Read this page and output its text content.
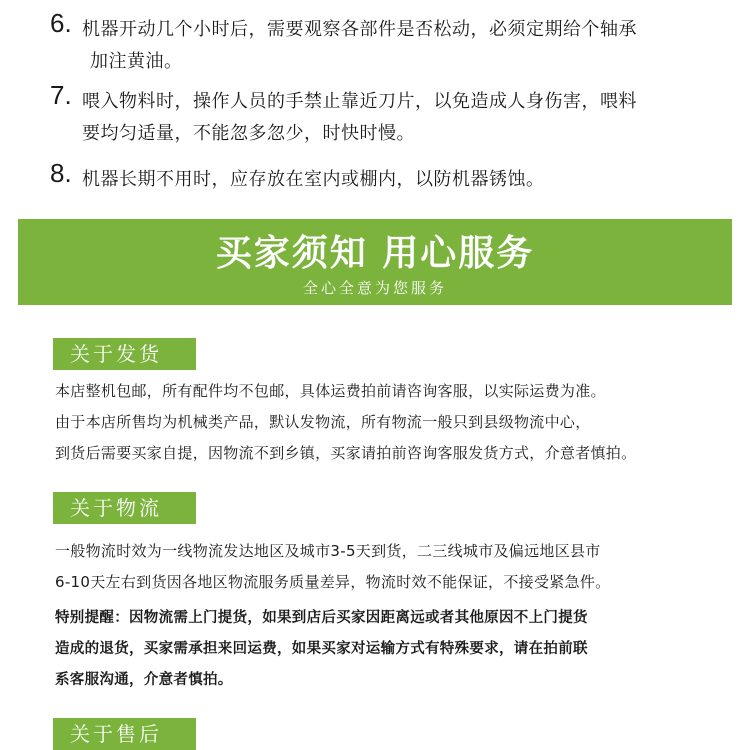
6. 机器开动几个小时后，需要观察各部件是否松动，必须定期给个轴承
加注黄油。
7. 喂入物料时，操作人员的手禁止靠近刀片，以免造成人身伤害，喂料
要均匀适量，不能忽多忽少，时快时慢。
8. 机器长期不用时，应存放在室内或棚内，以防机器锈蚀。
买家须知 用心服务
全心全意为您服务
关于发货
本店整机包邮，所有配件均不包邮，具体运费拍前请咨询客服，以实际运费为准。
由于本店所售均为机械类产品，默认发物流，所有物流一般只到县级物流中心，
到货后需要买家自提，因物流不到乡镇，买家请拍前咨询客服发货方式，介意者慎拍。
关于物流
一般物流时效为一线物流发达地区及城市3-5天到货，二三线城市及偏远地区县市
6-10天左右到货因各地区物流服务质量差异，物流时效不能保证，不接受紧急件。
特别提醒：因物流需上门提货，如果到店后买家因距离远或者其他原因不上门提货
造成的退货，买家需承担来回运费，如果买家对运输方式有特殊要求，请在拍前联
系客服沟通，介意者慎拍。
关于售后
